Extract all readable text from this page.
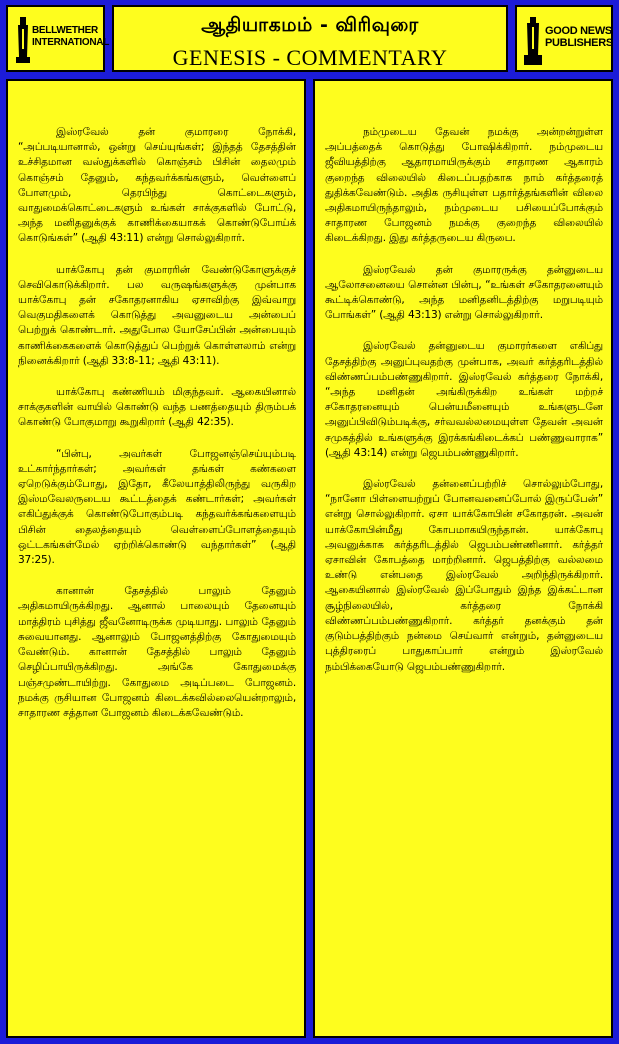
BELLWETHER
INTERNATIONAL
ஆதியாகமம் - விரிவுரை
GENESIS - COMMENTARY
GOOD NEWS
PUBLISHERS

இஸ்ரவேல் தன் குமாரரை நோக்கி, “அப்படியானால், ஒன்று செய்யுங்கள்; இந்தத் தேசத்தின் உச்சிதமான வஸ்துக்களில் கொஞ்சம் பிசின் தைலமும் கொஞ்சம் தேனும், கந்தவர்க்கங்களும், வெள்ளைப் போளமும், தெரபிந்து கொட்டைகளும், வாதுமைக்கொட்டைகளும் உங்கள் சாக்குகளில் போட்டு, அந்த மனிதனுக்குக் காணிக்கையாகக் கொண்டுபோய்க் கொடுங்கள்” (ஆதி 43:11) என்று சொல்லுகிறார்.

யாக்கோபு தன் குமாரரின் வேண்டுகோளுக்குச் செவிகொடுக்கிறார். பல வருஷங்களுக்கு முன்பாக யாக்கோபு தன் சகோதரனாகிய ஏசாவிற்கு இவ்வாறு வெகுமதிகளைக் கொடுத்து அவனுடைய அன்பைப் பெற்றுக் கொண்டார். அதுபோல யோசேப்பின் அன்பையும் காணிக்கைகளைக் கொடுத்துப் பெற்றுக் கொள்ளலாம் என்று நினைக்கிறார் (ஆதி 33:8-11; ஆதி 43:11).

யாக்கோபு கண்ணியம் மிகுந்தவர். ஆகையினால் சாக்குகளின் வாயில் கொண்டு வந்த பணத்தையும் திரும்பக் கொண்டு போகுமாறு கூறுகிறார் (ஆதி 42:35).

“பின்பு, அவர்கள் போஜனஞ்செய்யும்படி உட்கார்ந்தார்கள்; அவர்கள் தங்கள் கண்களை ஏறெடுக்கும்போது, இதோ, கீலேயாத்திலிருந்து வருகிற இஸ்மவேலருடைய கூட்டத்தைக் கண்டார்கள்; அவர்கள் எகிப்துக்குக் கொண்டுபோகும்படி கந்தவர்க்கங்களையும் பிசின் தைலத்தையும் வெள்ளைப்போளத்தையும் ஒட்டகங்கள்மேல் ஏற்றிக்கொண்டு வந்தார்கள்” (ஆதி 37:25).

கானான் தேசத்தில் பாலும் தேனும் அதிகமாயிருக்கிறது. ஆனால் பாலையும் தேனையும் மாத்திரம் புசித்து ஜீவனோடிருக்க முடியாது. பாலும் தேனும் சுவையானது. ஆனாலும் போஜனத்திற்கு கோதுமையும் வேண்டும். கானான் தேசத்தில் பாலும் தேனும் செழிப்பாயிருக்கிறது. அங்கே கோதுமைக்கு பஞ்சமுண்டாயிற்று. கோதுமை அடிப்படை போஜனம். நமக்கு ருசியான போஜனம் கிடைக்கவில்லையென்றாலும், சாதாரண சத்தான போஜனம் கிடைக்கவேண்டும்.

நம்முடைய தேவன் நமக்கு அன்றன்றுள்ள அப்பத்தைக் கொடுத்து போஷிக்கிறார். நம்முடைய ஜீவியத்திற்கு ஆதாரமாயிருக்கும் சாதாரண ஆகாரம் குறைந்த விலையில் கிடைப்பதற்காக நாம் கர்த்தரைத் துதிக்கவேண்டும். அதிக ருசியுள்ள பதார்த்தங்களின் விலை அதிகமாயிருந்தாலும், நம்முடைய பசியைப்போக்கும் சாதாரண போஜனம் நமக்கு குறைந்த விலையில் கிடைக்கிறது. இது கர்த்தருடைய கிருபை.

இஸ்ரவேல் தன் குமாரருக்கு தன்னுடைய ஆலோசனையை சொன்ன பின்பு, “உங்கள் சகோதரனையும் கூட்டிக்கொண்டு, அந்த மனிதனிடத்திற்கு மறுபடியும் போங்கள்” (ஆதி 43:13) என்று சொல்லுகிறார்.

இஸ்ரவேல் தன்னுடைய குமாரர்களை எகிப்து தேசத்திற்கு அனுப்புவதற்கு முன்பாக, அவர் கர்த்தரிடத்தில் விண்ணப்பம்பண்ணுகிறார். இஸ்ரவேல் கர்த்தரை நோக்கி, “அந்த மனிதன் அங்கிருக்கிற உங்கள் மற்றச் சகோதரனையும் பென்யமீனையும் உங்களுடனே அனுப்பிவிடும்படிக்கு, சர்வவல்லமையுள்ள தேவன் அவன் சமுகத்தில் உங்களுக்கு இரக்கங்கிடைக்கப் பண்ணுவாராக” (ஆதி 43:14) என்று ஜெபம்பண்ணுகிறார்.

இஸ்ரவேல் தன்னைப்பற்றிச் சொல்லும்போது, “நானோ பிள்ளையற்றுப் போனவனைப்போல் இருப்பேன்” என்று சொல்லுகிறார். ஏசா யாக்கோபின் சகோதரன். அவன் யாக்கோபின்மீது கோபமாகயிருந்தான். யாக்கோபு அவனுக்காக கர்த்தரிடத்தில் ஜெபம்பண்ணினார். கர்த்தர் ஏசாவின் கோபத்தை மாற்றினார். ஜெபத்திற்கு வல்லமை உண்டு என்பதை இஸ்ரவேல் அறிந்திருக்கிறார். ஆகையினால் இஸ்ரவேல் இப்போதும் இந்த இக்கட்டான சூழ்நிலையில், கர்த்தரை நோக்கி விண்ணப்பம்பண்ணுகிறார். கர்த்தர் தனக்கும் தன் குடும்பத்திற்கும் நன்மை செய்வார் என்றும், தன்னுடைய புத்திரரைப் பாதுகாப்பார் என்றும் இஸ்ரவேல் நம்பிக்கையோடு ஜெபம்பண்ணுகிறார்.
